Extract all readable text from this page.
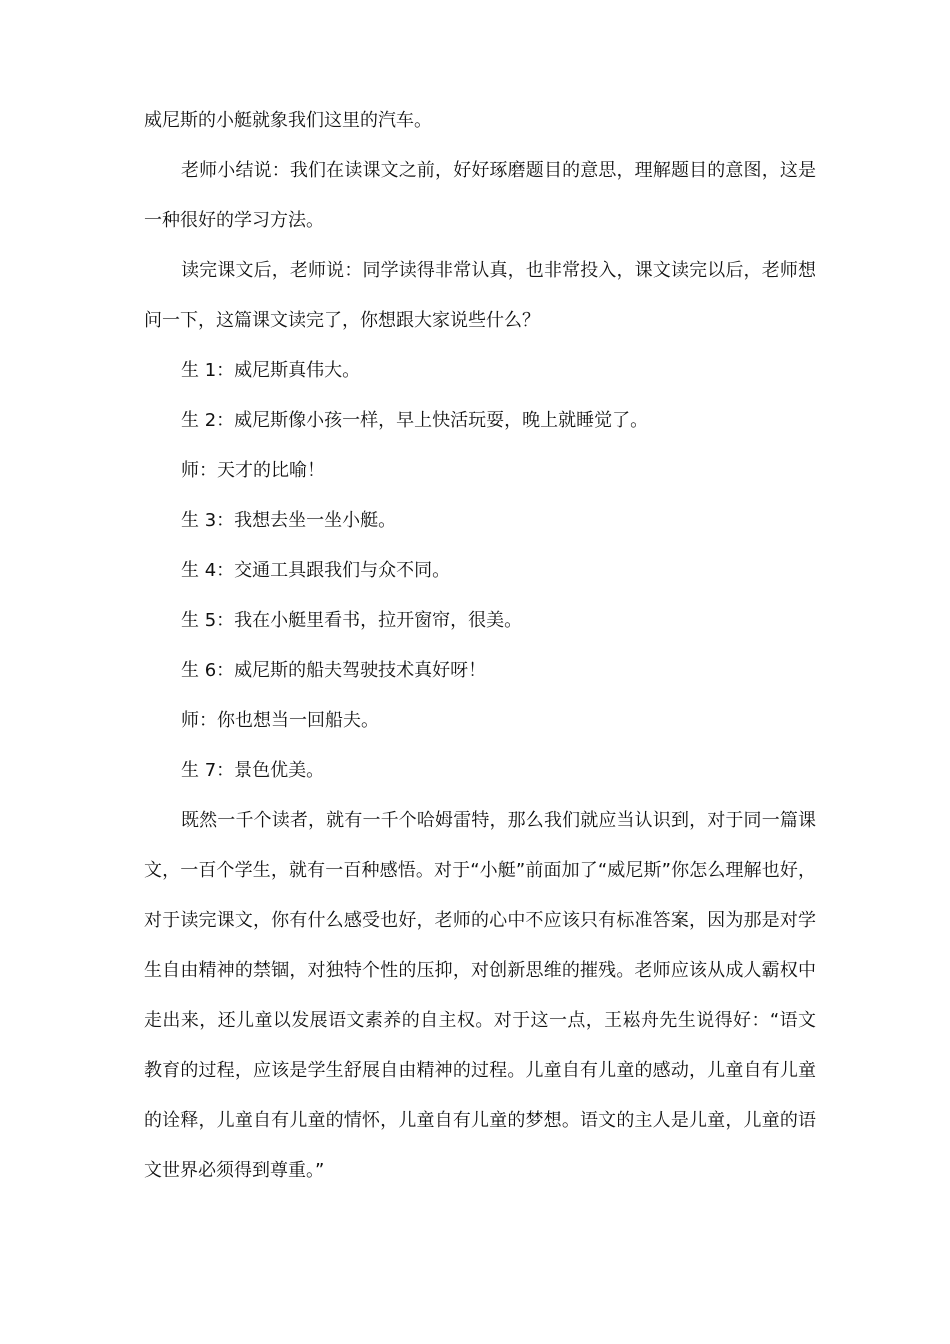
威尼斯的小艇就象我们这里的汽车。

老师小结说：我们在读课文之前，好好琢磨题目的意思，理解题目的意图，这是一种很好的学习方法。

读完课文后，老师说：同学读得非常认真，也非常投入，课文读完以后，老师想问一下，这篇课文读完了，你想跟大家说些什么？

生 1：威尼斯真伟大。

生 2：威尼斯像小孩一样，早上快活玩耍，晚上就睡觉了。

师：天才的比喻！

生 3：我想去坐一坐小艇。

生 4：交通工具跟我们与众不同。

生 5：我在小艇里看书，拉开窗帘，很美。

生 6：威尼斯的船夫驾驶技术真好呀！

师：你也想当一回船夫。

生 7：景色优美。

既然一千个读者，就有一千个哈姆雷特，那么我们就应当认识到，对于同一篇课文，一百个学生，就有一百种感悟。对于“小艇”前面加了“威尼斯”你怎么理解也好，对于读完课文，你有什么感受也好，老师的心中不应该只有标准答案，因为那是对学生自由精神的禁锢，对独特个性的压抑，对创新思维的摧残。老师应该从成人霸权中走出来，还儿童以发展语文素养的自主权。对于这一点，王崧舟先生说得好：“语文教育的过程，应该是学生舒展自由精神的过程。儿童自有儿童的感动，儿童自有儿童的诠释，儿童自有儿童的情怀，儿童自有儿童的梦想。语文的主人是儿童，儿童的语文世界必须得到尊重。”
